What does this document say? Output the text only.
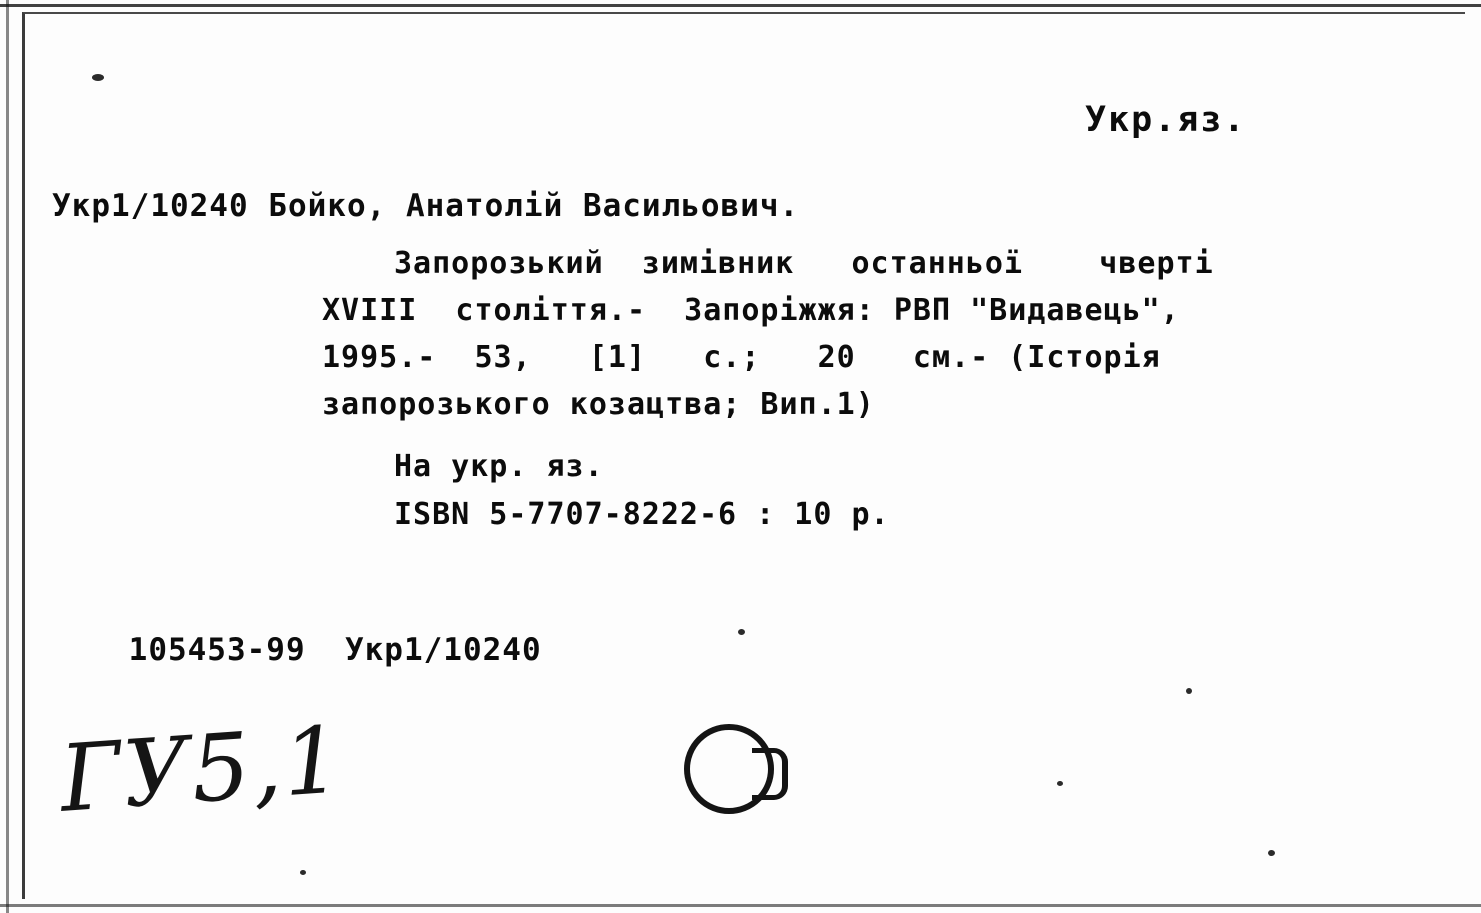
Укр.яз.
Укр1/10240 Бойко, Анатолій Васильович.
Запорозький  зимівник   останньої    чверті
XVIII  століття.-  Запоріжжя: РВП "Видавець",
1995.-  53,   [1]   с.;   20   см.- (Історія
запорозького козацтва; Вип.1)
На укр. яз.
ISBN 5-7707-8222-6 : 10 р.

105453-99 Укр1/10240

ГУ5,1
